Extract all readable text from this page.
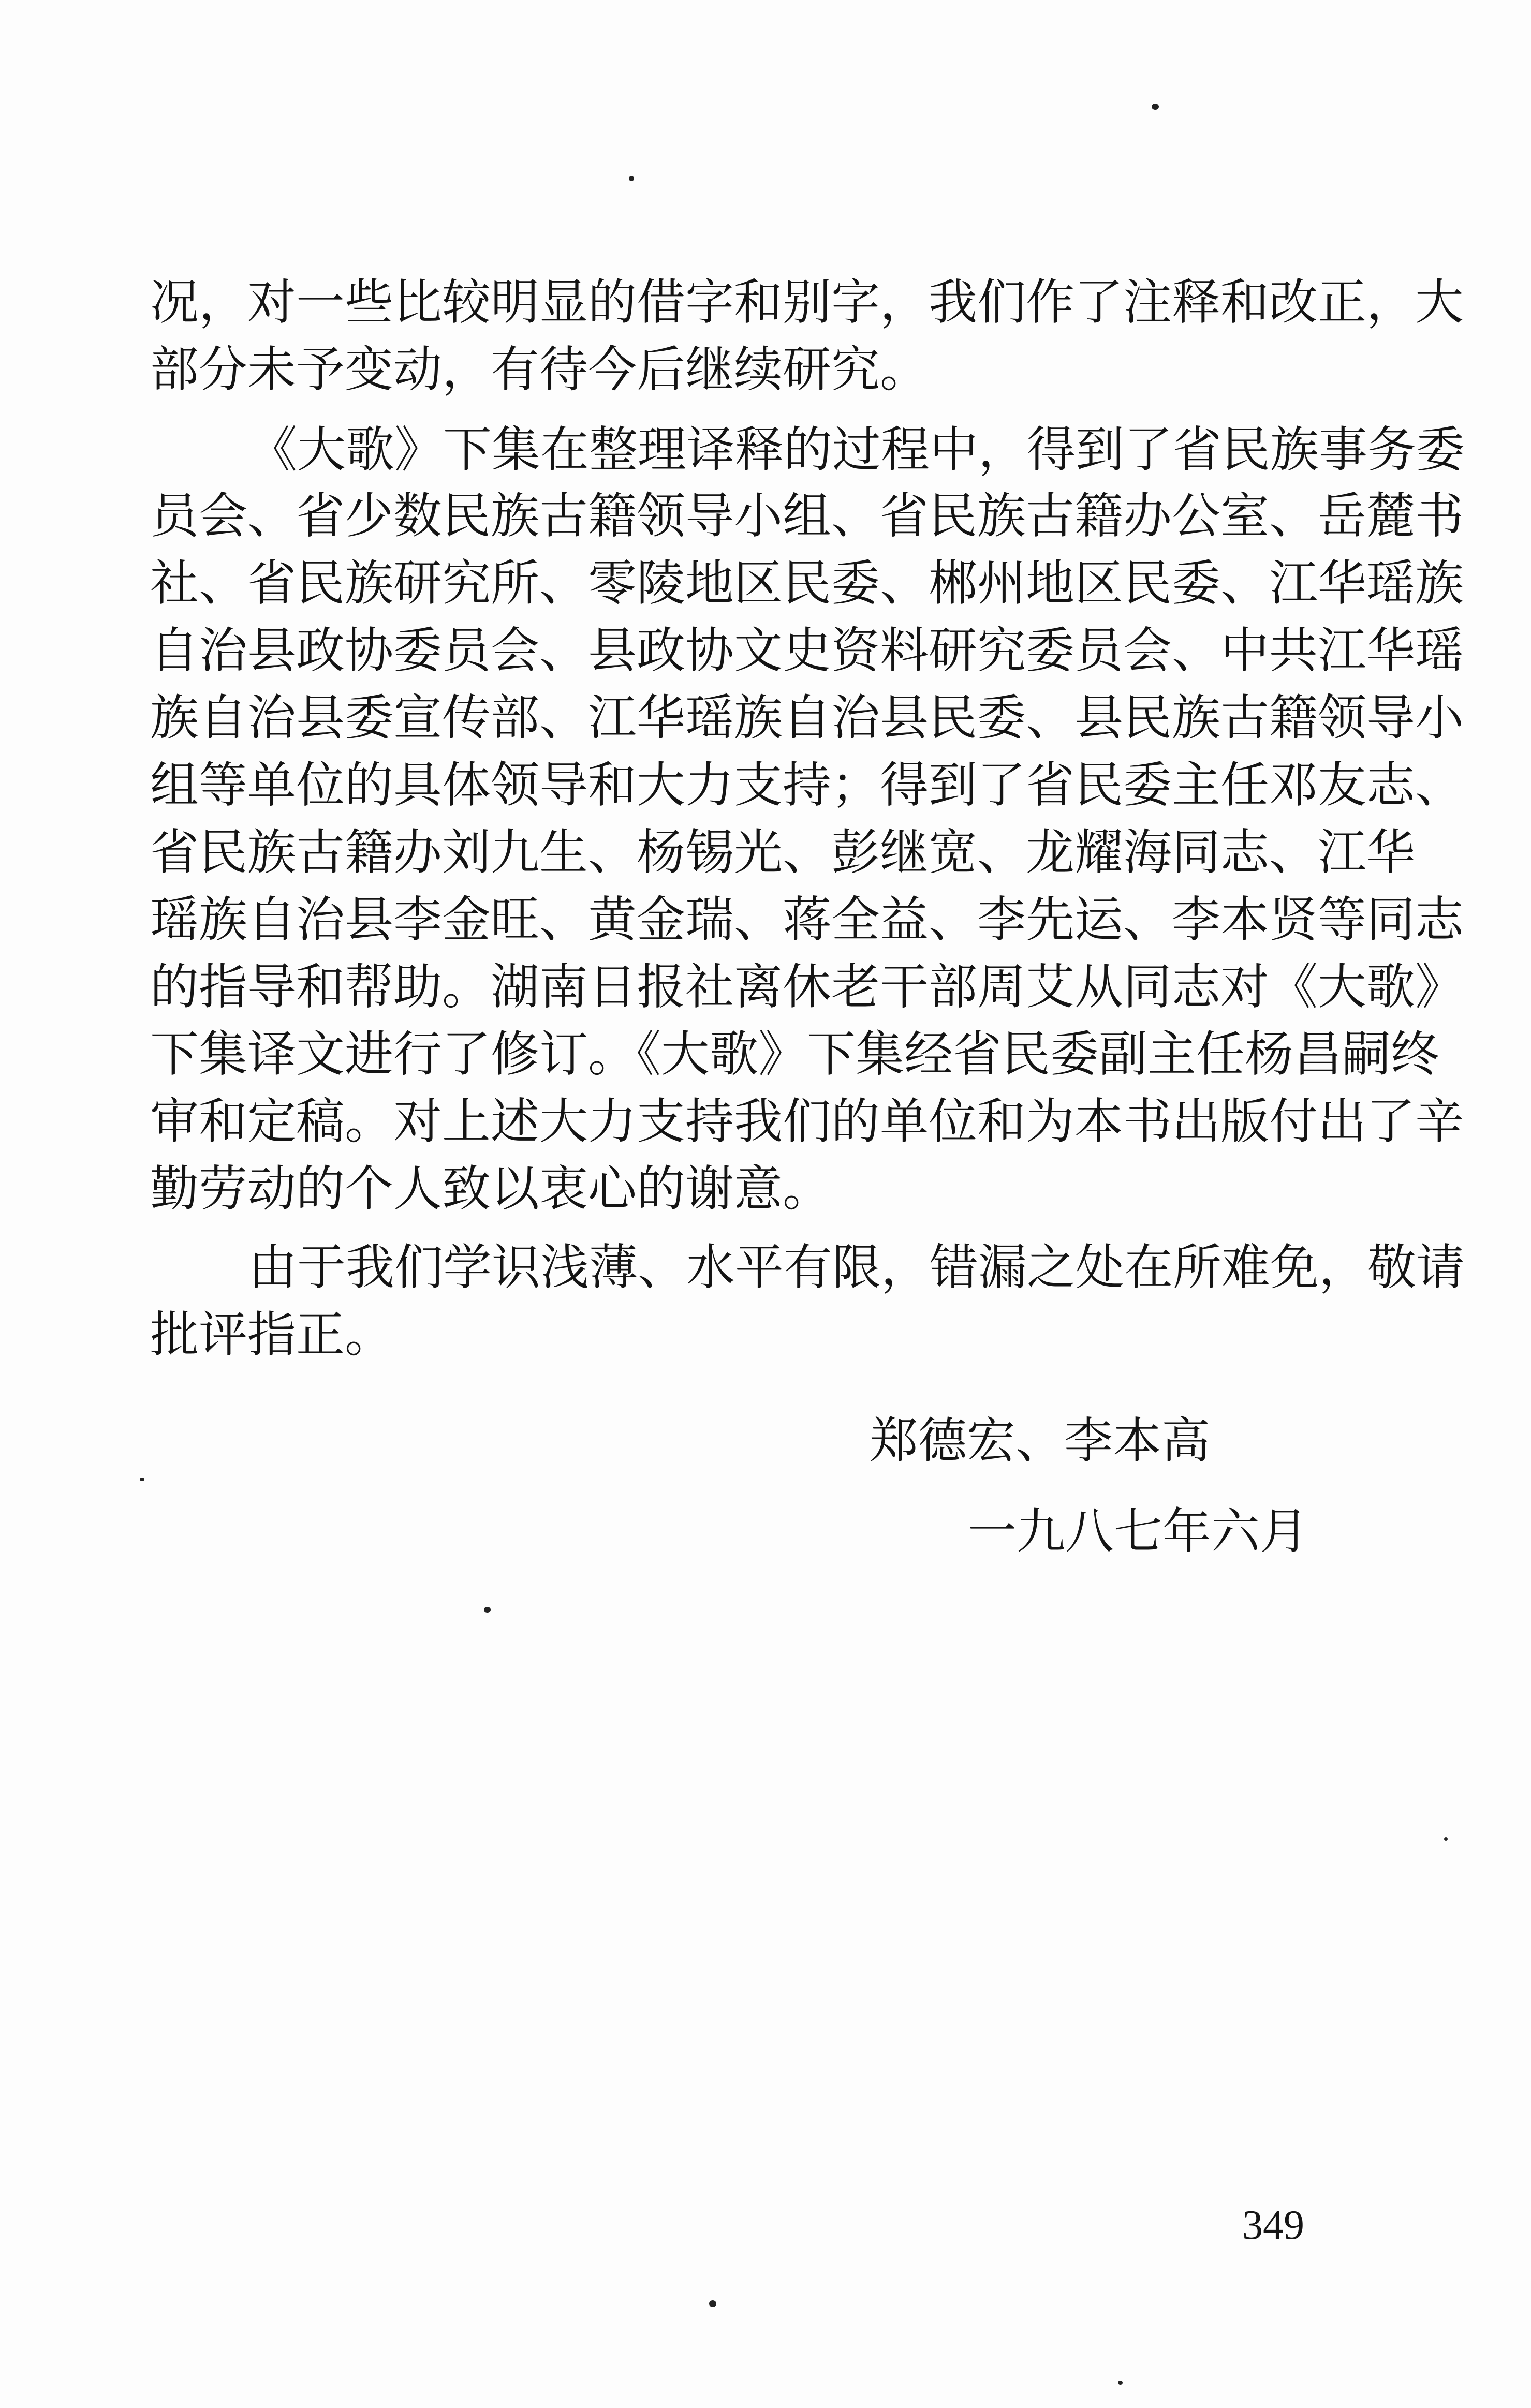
况，对一些比较明显的借字和别字，我们作了注释和改正，大
部分未予变动，有待今后继续研究。
《大歌》下集在整理译释的过程中，得到了省民族事务委
员会、省少数民族古籍领导小组、省民族古籍办公室、岳麓书
社、省民族研究所、零陵地区民委、郴州地区民委、江华瑶族
自治县政协委员会、县政协文史资料研究委员会、中共江华瑶
族自治县委宣传部、江华瑶族自治县民委、县民族古籍领导小
组等单位的具体领导和大力支持；得到了省民委主任邓友志、
省民族古籍办刘九生、杨锡光、彭继宽、龙耀海同志、江华
瑶族自治县李金旺、黄金瑞、蒋全益、李先运、李本贤等同志
的指导和帮助。湖南日报社离休老干部周艾从同志对《大歌》
下集译文进行了修订。《大歌》下集经省民委副主任杨昌嗣终
审和定稿。对上述大力支持我们的单位和为本书出版付出了辛
勤劳动的个人致以衷心的谢意。
由于我们学识浅薄、水平有限，错漏之处在所难免，敬请
批评指正。
郑德宏、李本高
一九八七年六月
349
